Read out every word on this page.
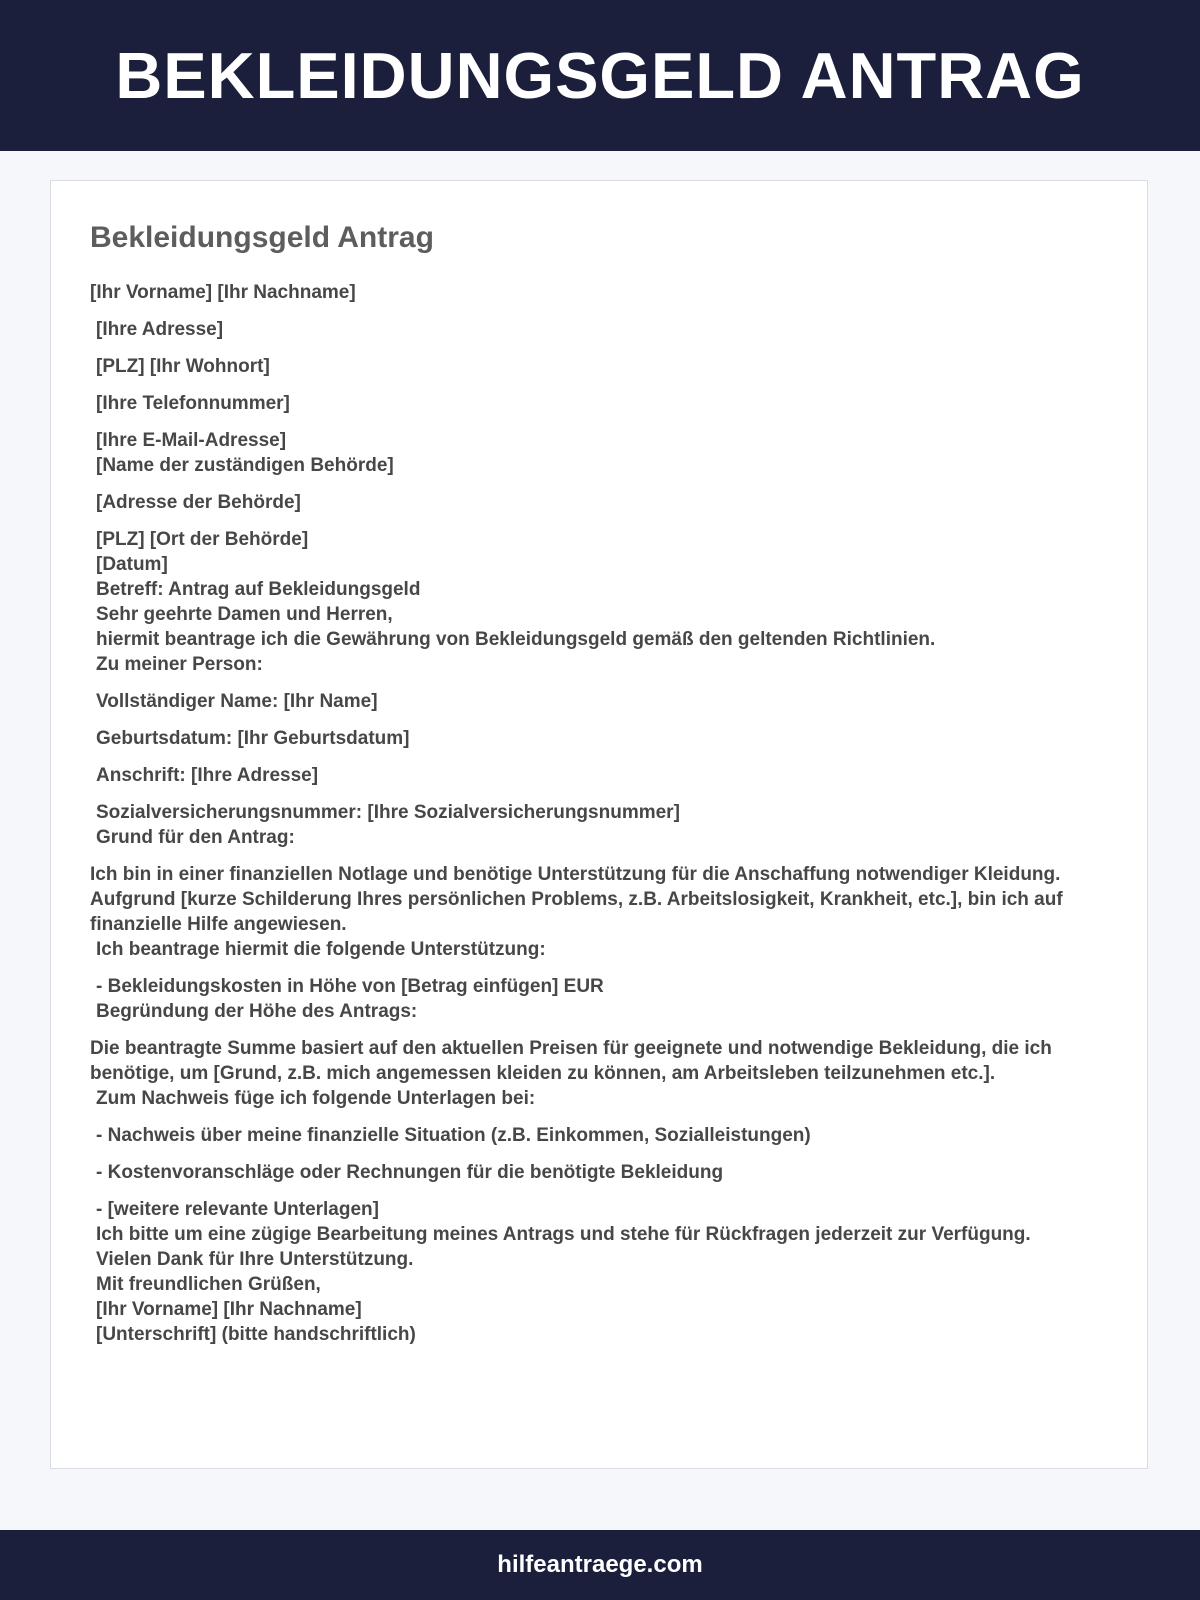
BEKLEIDUNGSGELD ANTRAG
Bekleidungsgeld Antrag

[Ihr Vorname] [Ihr Nachname]

[Ihre Adresse]

[PLZ] [Ihr Wohnort]

[Ihre Telefonnummer]

[Ihre E-Mail-Adresse]
[Name der zuständigen Behörde]

[Adresse der Behörde]

[PLZ] [Ort der Behörde]
[Datum]
Betreff: Antrag auf Bekleidungsgeld
Sehr geehrte Damen und Herren,
hiermit beantrage ich die Gewährung von Bekleidungsgeld gemäß den geltenden Richtlinien.
Zu meiner Person:

Vollständiger Name: [Ihr Name]

Geburtsdatum: [Ihr Geburtsdatum]

Anschrift: [Ihre Adresse]

Sozialversicherungsnummer: [Ihre Sozialversicherungsnummer]
Grund für den Antrag:

Ich bin in einer finanziellen Notlage und benötige Unterstützung für die Anschaffung notwendiger Kleidung. Aufgrund [kurze Schilderung Ihres persönlichen Problems, z.B. Arbeitslosigkeit, Krankheit, etc.], bin ich auf finanzielle Hilfe angewiesen.
Ich beantrage hiermit die folgende Unterstützung:

- Bekleidungskosten in Höhe von [Betrag einfügen] EUR
Begründung der Höhe des Antrags:

Die beantragte Summe basiert auf den aktuellen Preisen für geeignete und notwendige Bekleidung, die ich benötige, um [Grund, z.B. mich angemessen kleiden zu können, am Arbeitsleben teilzunehmen etc.].
Zum Nachweis füge ich folgende Unterlagen bei:

- Nachweis über meine finanzielle Situation (z.B. Einkommen, Sozialleistungen)

- Kostenvoranschläge oder Rechnungen für die benötigte Bekleidung

- [weitere relevante Unterlagen]
Ich bitte um eine zügige Bearbeitung meines Antrags und stehe für Rückfragen jederzeit zur Verfügung.
Vielen Dank für Ihre Unterstützung.
Mit freundlichen Grüßen,
[Ihr Vorname] [Ihr Nachname]
[Unterschrift] (bitte handschriftlich)

hilfeantraege.com
